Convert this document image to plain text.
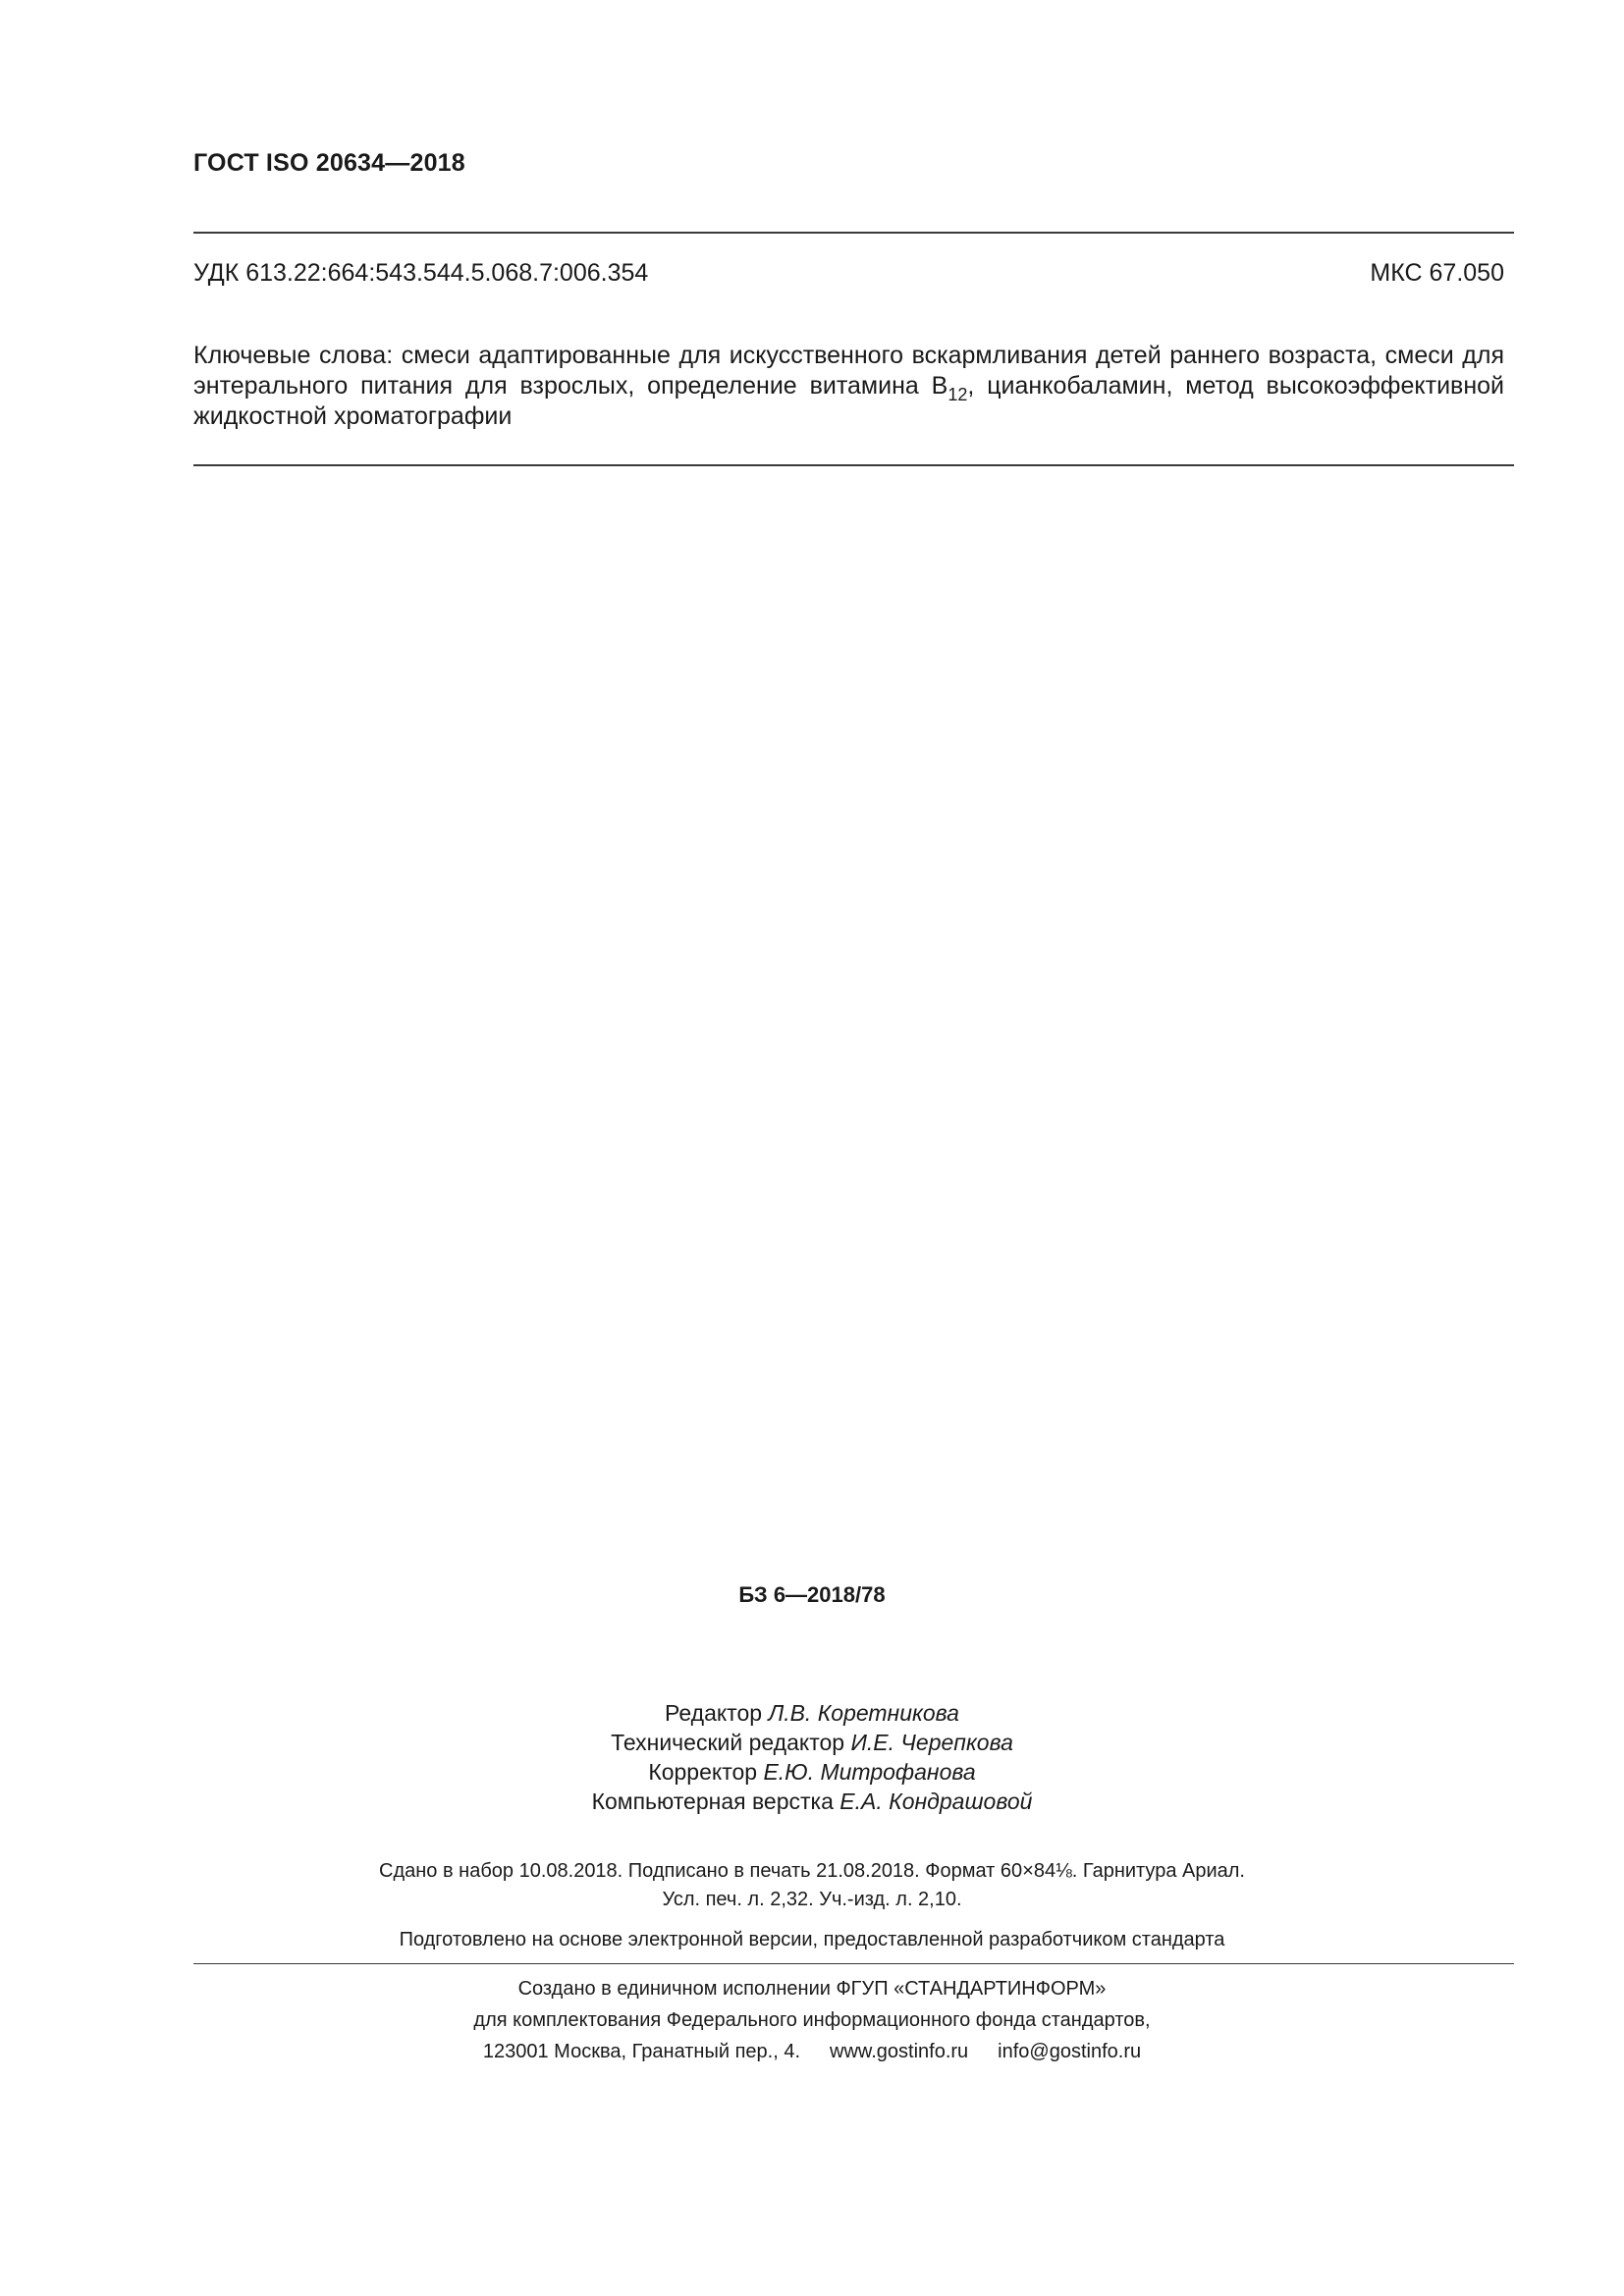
ГОСТ ISO 20634—2018
УДК 613.22:664:543.544.5.068.7:006.354	МКС 67.050
Ключевые слова: смеси адаптированные для искусственного вскармливания детей раннего возраста, смеси для энтерального питания для взрослых, определение витамина $B_{12}$, цианкобаламин, метод высокоэффективной жидкостной хроматографии
БЗ 6—2018/78
Редактор Л.В. Коретникова
Технический редактор И.Е. Черепкова
Корректор Е.Ю. Митрофанова
Компьютерная верстка Е.А. Кондрашовой
Сдано в набор 10.08.2018. Подписано в печать 21.08.2018. Формат 60×84⅛. Гарнитура Ариал.
Усл. печ. л. 2,32. Уч.-изд. л. 2,10.
Подготовлено на основе электронной версии, предоставленной разработчиком стандарта
Создано в единичном исполнении ФГУП «СТАНДАРТИНФОРМ»
для комплектования Федерального информационного фонда стандартов,
123001 Москва, Гранатный пер., 4. www.gostinfo.ru info@gostinfo.ru
